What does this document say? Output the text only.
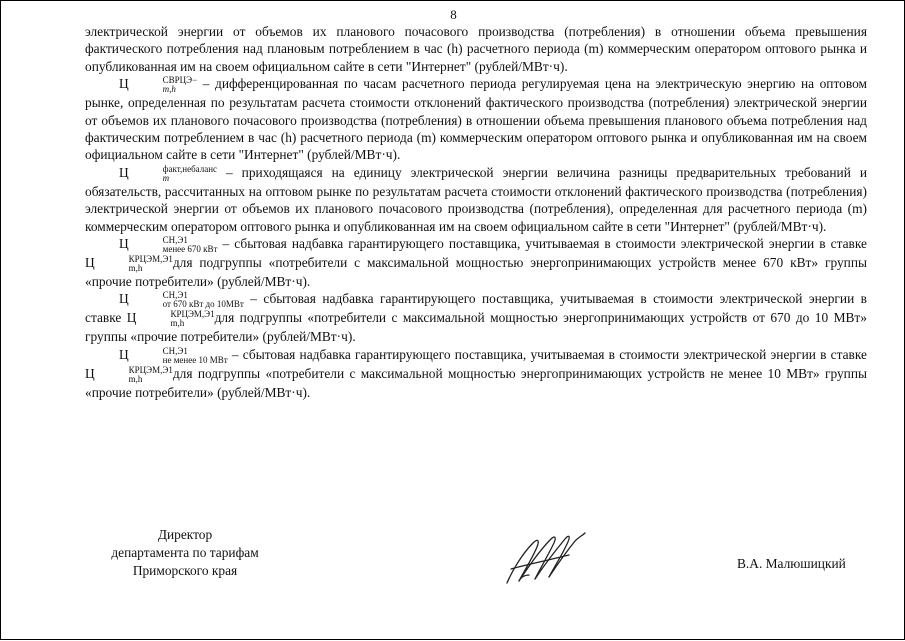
8

электрической энергии от объемов их планового почасового производства (потребления) в отношении объема превышения фактического потребления над плановым потреблением в час (h) расчетного периода (m) коммерческим оператором оптового рынка и опубликованная им на своем официальном сайте в сети "Интернет" (рублей/МВт·ч).

Ц	СВРЦЭ−
m,h	– дифференцированная по часам расчетного периода регулируемая цена на электрическую энергию на оптовом рынке, определенная по результатам расчета стоимости отклонений фактического производства (потребления) электрической энергии от объемов их планового почасового производства (потребления) в отношении объема превышения планового объема потребления над фактическим потреблением в час (h) расчетного периода (m) коммерческим оператором оптового рынка и опубликованная им на своем официальном сайте в сети "Интернет" (рублей/МВт·ч).

Ц	факт,небаланс
m	– приходящаяся на единицу электрической энергии величина разницы предварительных требований и обязательств, рассчитанных на оптовом рынке по результатам расчета стоимости отклонений фактического производства (потребления) электрической энергии от объемов их планового почасового производства (потребления), определенная для расчетного периода (m) коммерческим оператором оптового рынка и опубликованная им на своем официальном сайте в сети "Интернет" (рублей/МВт·ч).

Ц	СН,Э1
менее 670 кВт – сбытовая надбавка гарантирующего поставщика, учитываемая в стоимости электрической энергии в ставке Ц	КРЦЭМ,Э1
m,h	для подгруппы «потребители с максимальной мощностью энергопринимающих устройств менее 670 кВт» группы «прочие потребители» (рублей/МВт·ч).

Ц	СН,Э1
от 670 кВт до 10МВт – сбытовая надбавка гарантирующего поставщика, учитываемая в стоимости электрической энергии в ставке Ц	КРЦЭМ,Э1
m,h	для подгруппы «потребители с максимальной мощностью энергопринимающих устройств от 670 до 10 МВт» группы «прочие потребители» (рублей/МВт·ч).

Ц	СН,Э1
не менее 10 МВт – сбытовая надбавка гарантирующего поставщика, учитываемая в стоимости электрической энергии в ставке Ц	КРЦЭМ,Э1
m,h	для подгруппы «потребители с максимальной мощностью энергопринимающих устройств не менее 10 МВт» группы «прочие потребители» (рублей/МВт·ч).

Директор
департамента по тарифам
Приморского края	В.А. Малюшицкий
